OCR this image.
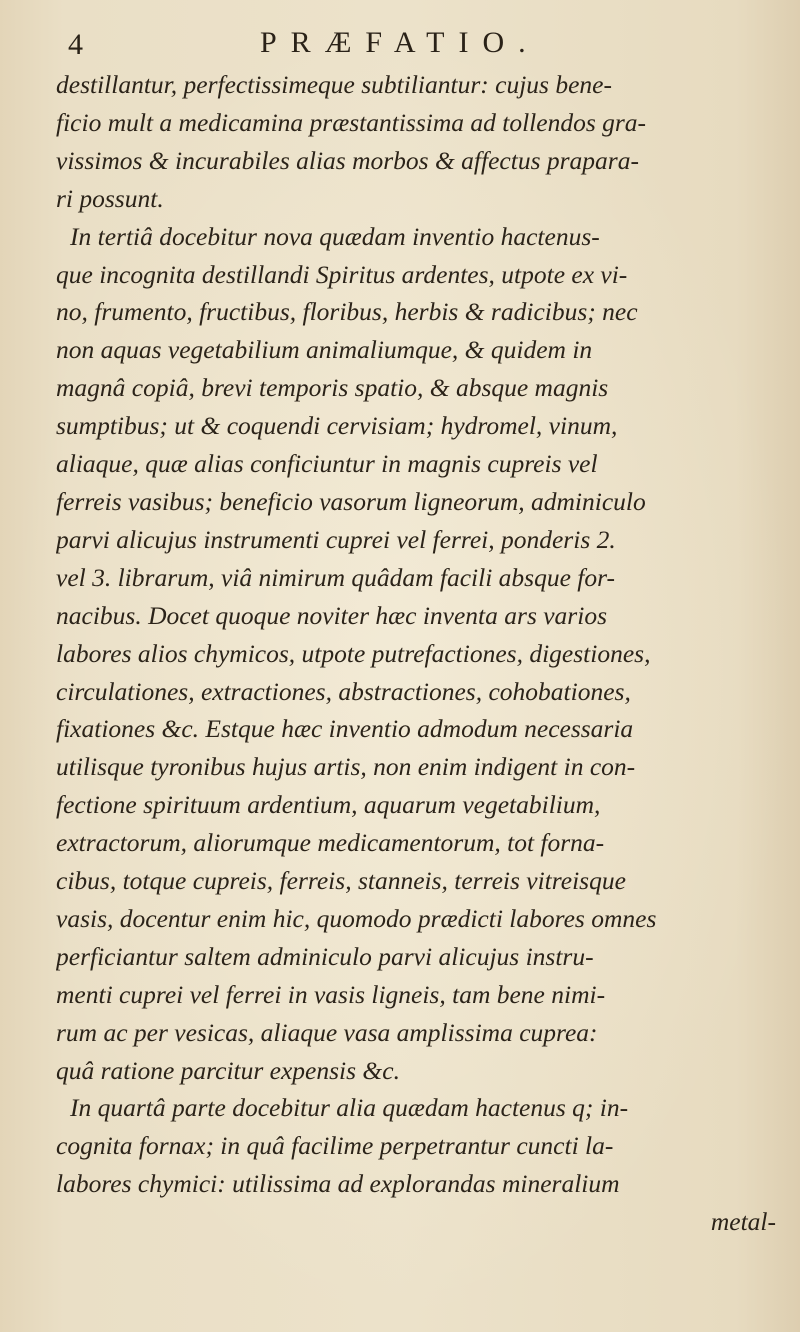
4	PRÆFATIO.
destillantur, perfectissimeque subtiliantur: cujus bene-
ficio mult a medicamina præstantissima ad tollendos gra-
vissimos & incurabiles alias morbos & affectus prapara-
ri possunt.
In tertiâ docebitur nova quædam inventio hactenus-
que incognita destillandi Spiritus ardentes, utpote ex vi-
no, frumento, fructibus, floribus, herbis & radicibus; nec
non aquas vegetabilium animaliumque, & quidem in
magnâ copiâ, brevi temporis spatio, & absque magnis
sumptibus; ut & coquendi cervisiam; hydromel, vinum,
aliaque, quæ alias conficiuntur in magnis cupreis vel
ferreis vasibus; beneficio vasorum ligneorum, adminiculo
parvi alicujus instrumenti cuprei vel ferrei, ponderis 2.
vel 3. librarum, viâ nimirum quâdam facili absque for-
nacibus. Docet quoque noviter hæc inventa ars varios
labores alios chymicos, utpote putrefactiones, digestiones,
circulationes, extractiones, abstractiones, cohobationes,
fixationes &c. Estque hæc inventio admodum necessaria
utilisque tyronibus hujus artis, non enim indigent in con-
fectione spirituum ardentium, aquarum vegetabilium,
extractorum, aliorumque medicamentorum, tot forna-
cibus, totque cupreis, ferreis, stanneis, terreis vitreisque
vasis, docentur enim hic, quomodo prædicti labores omnes
perficiantur saltem adminiculo parvi alicujus instru-
menti cuprei vel ferrei in vasis ligneis, tam bene nimi-
rum ac per vesicas, aliaque vasa amplissima cuprea:
quâ ratione parcitur expensis &c.
In quartâ parte docebitur alia quædam hactenus q; in-
cognita fornax; in quâ facilime perpetrantur cuncti la-
labores chymici: utilissima ad explorandas mineralium
metal-
